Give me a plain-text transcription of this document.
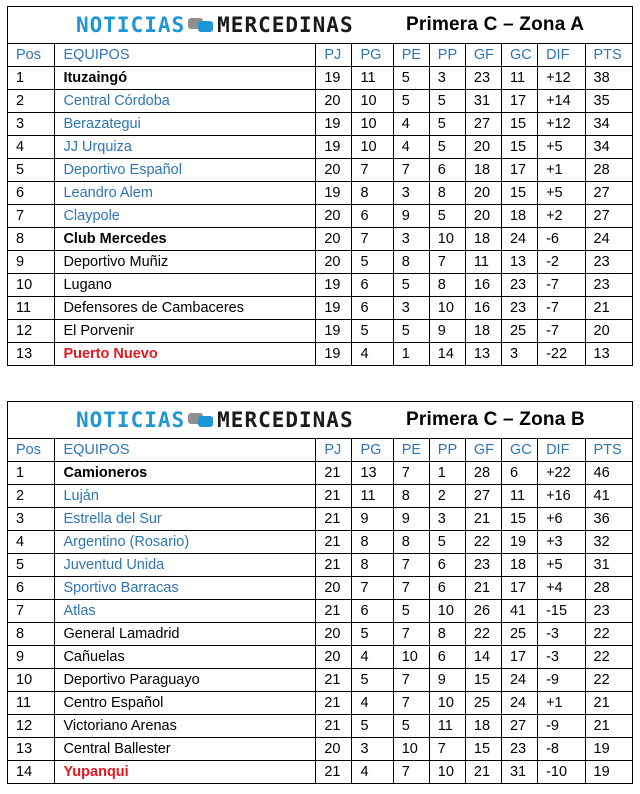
NOTICIAS MERCEDINAS	Primera C – Zona A
Pos	EQUIPOS	PJ	PG	PE	PP	GF	GC	DIF	PTS
1	Ituzaingó	19	11	5	3	23	11	+12	38
2	Central Córdoba	20	10	5	5	31	17	+14	35
3	Berazategui	19	10	4	5	27	15	+12	34
4	JJ Urquiza	19	10	4	5	20	15	+5	34
5	Deportivo Español	20	7	7	6	18	17	+1	28
6	Leandro Alem	19	8	3	8	20	15	+5	27
7	Claypole	20	6	9	5	20	18	+2	27
8	Club Mercedes	20	7	3	10	18	24	-6	24
9	Deportivo Muñiz	20	5	8	7	11	13	-2	23
10	Lugano	19	6	5	8	16	23	-7	23
11	Defensores de Cambaceres	19	6	3	10	16	23	-7	21
12	El Porvenir	19	5	5	9	18	25	-7	20
13	Puerto Nuevo	19	4	1	14	13	3	-22	13
NOTICIAS MERCEDINAS	Primera C – Zona B
Pos	EQUIPOS	PJ	PG	PE	PP	GF	GC	DIF	PTS
1	Camioneros	21	13	7	1	28	6	+22	46
2	Luján	21	11	8	2	27	11	+16	41
3	Estrella del Sur	21	9	9	3	21	15	+6	36
4	Argentino (Rosario)	21	8	8	5	22	19	+3	32
5	Juventud Unida	21	8	7	6	23	18	+5	31
6	Sportivo Barracas	20	7	7	6	21	17	+4	28
7	Atlas	21	6	5	10	26	41	-15	23
8	General Lamadrid	20	5	7	8	22	25	-3	22
9	Cañuelas	20	4	10	6	14	17	-3	22
10	Deportivo Paraguayo	21	5	7	9	15	24	-9	22
11	Centro Español	21	4	7	10	25	24	+1	21
12	Victoriano Arenas	21	5	5	11	18	27	-9	21
13	Central Ballester	20	3	10	7	15	23	-8	19
14	Yupanqui	21	4	7	10	21	31	-10	19
